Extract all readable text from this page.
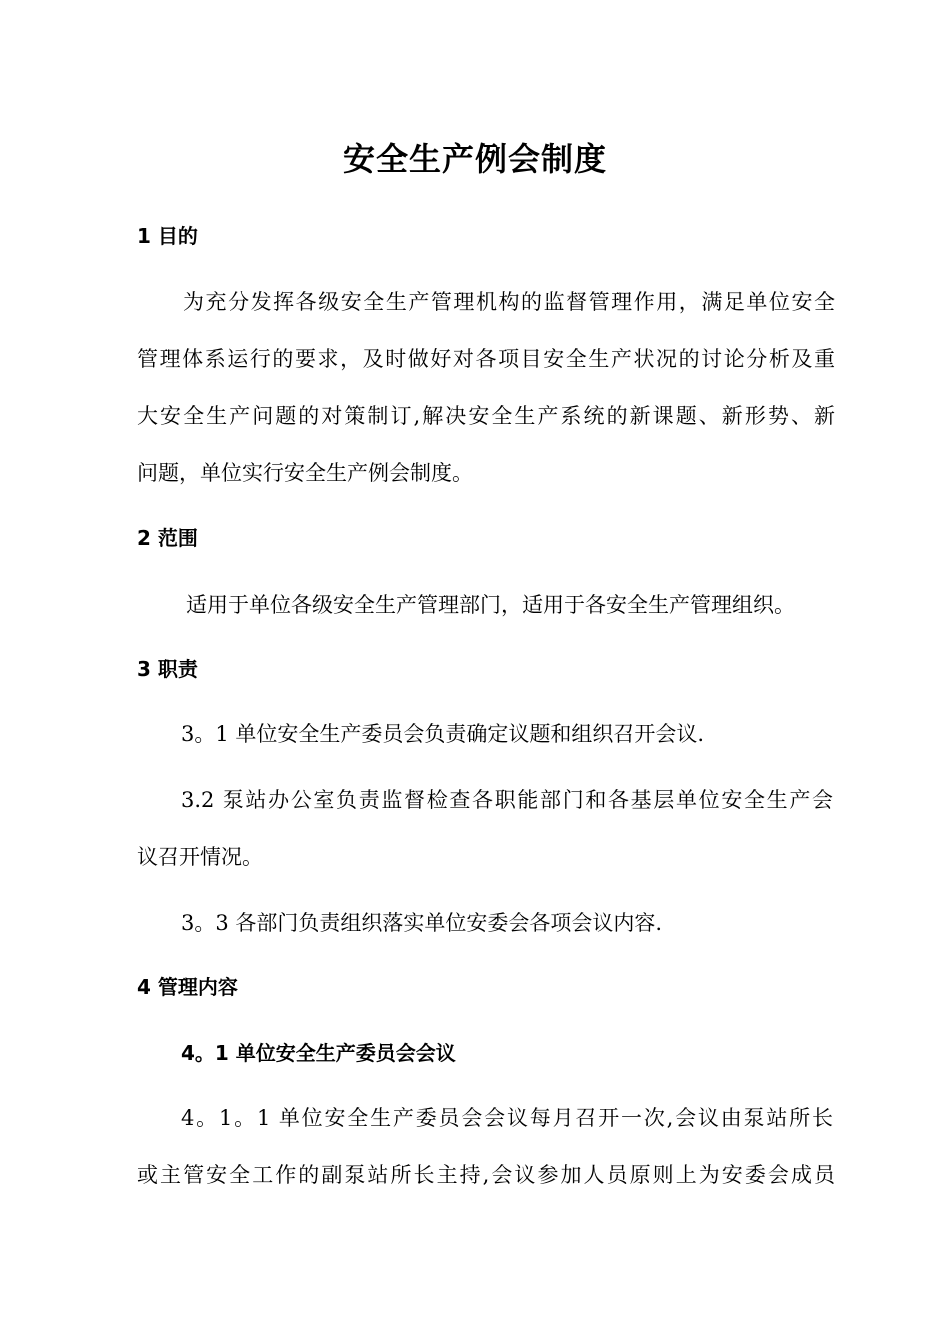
安全生产例会制度
1 目的
为充分发挥各级安全生产管理机构的监督管理作用，满足单位安全
管理体系运行的要求，及时做好对各项目安全生产状况的讨论分析及重
大安全生产问题的对策制订,解决安全生产系统的新课题、新形势、新
问题，单位实行安全生产例会制度。
2 范围
适用于单位各级安全生产管理部门，适用于各安全生产管理组织。
3 职责
3。1 单位安全生产委员会负责确定议题和组织召开会议.
3.2 泵站办公室负责监督检查各职能部门和各基层单位安全生产会
议召开情况。
3。3 各部门负责组织落实单位安委会各项会议内容.
4 管理内容
4。1 单位安全生产委员会会议
4。1。1 单位安全生产委员会会议每月召开一次,会议由泵站所长
或主管安全工作的副泵站所长主持,会议参加人员原则上为安委会成员
